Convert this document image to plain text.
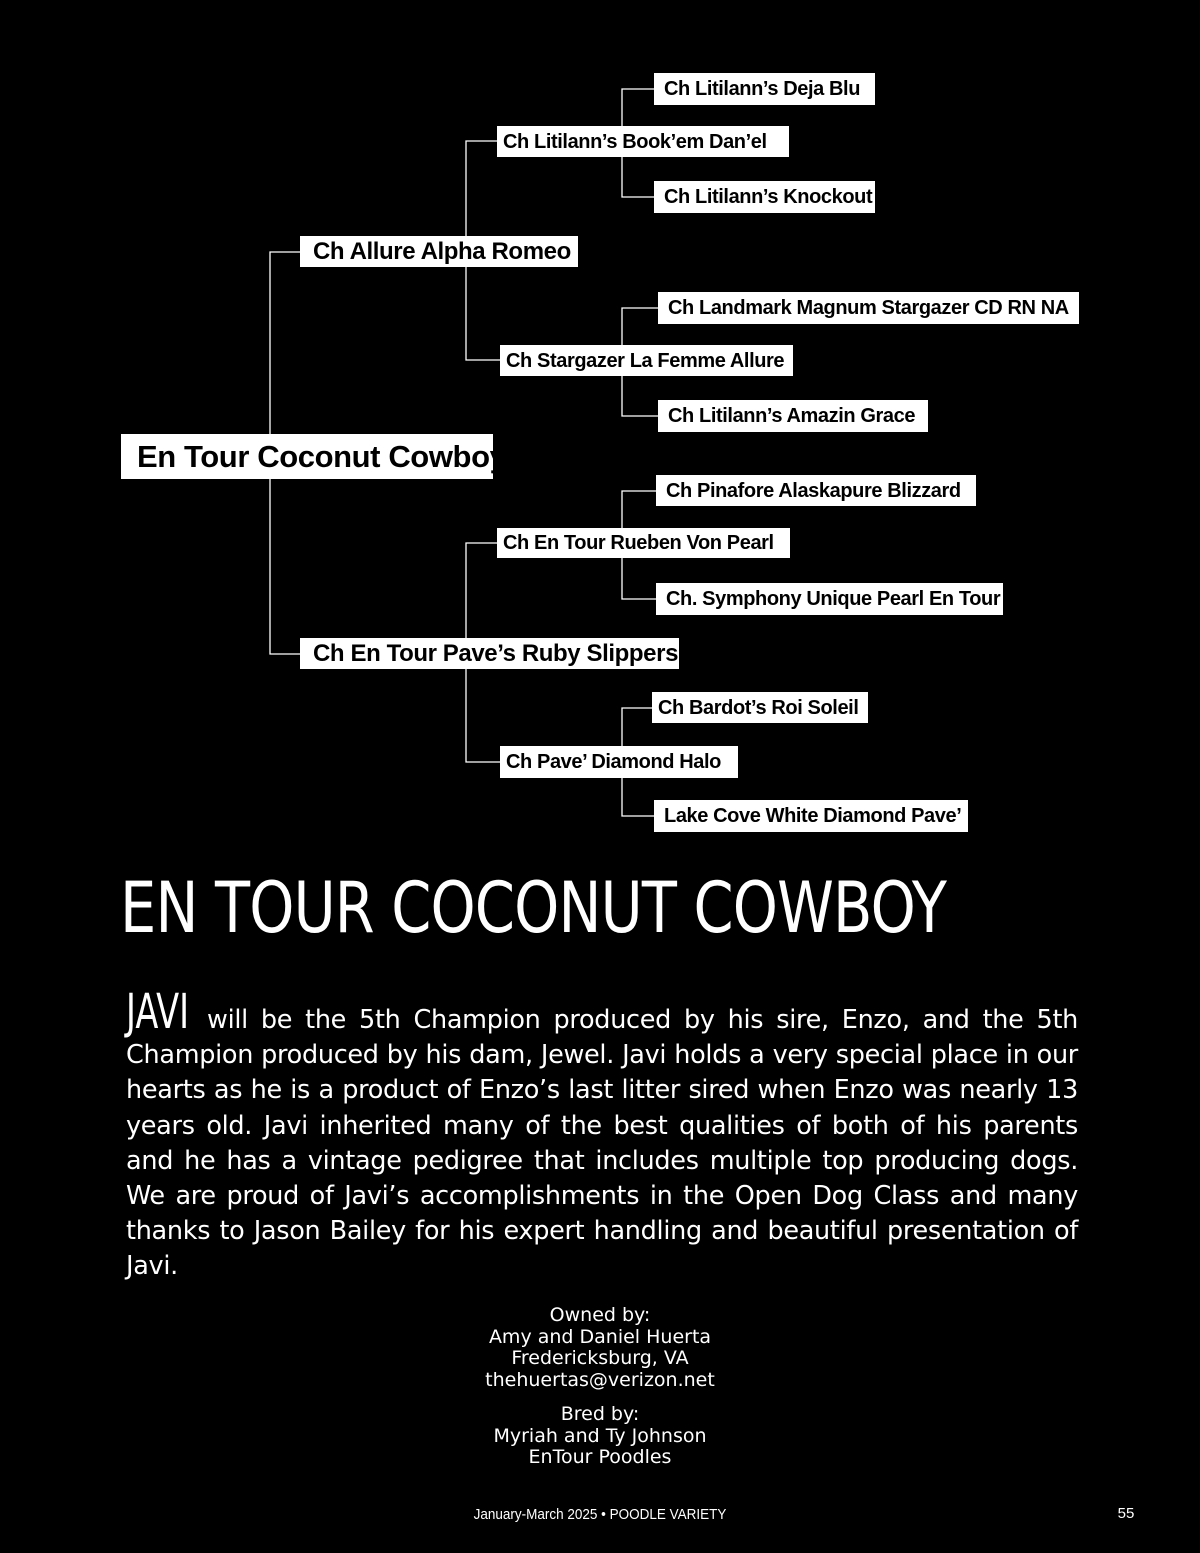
En Tour Coconut Cowboy
Ch Allure Alpha Romeo
Ch En Tour Pave’s Ruby Slippers
Ch Litilann’s Book’em Dan’el
Ch Stargazer La Femme Allure
Ch En Tour Rueben Von Pearl
Ch Pave’ Diamond Halo
Ch Litilann’s Deja Blu
Ch Litilann’s Knockout
Ch Landmark Magnum Stargazer CD RN NA
Ch Litilann’s Amazin Grace
Ch Pinafore Alaskapure Blizzard
Ch. Symphony Unique Pearl En Tour
Ch Bardot’s Roi Soleil
Lake Cove White Diamond Pave’
EN TOUR COCONUT COWBOY
JAVI will be the 5th Champion produced by his sire, Enzo, and the 5th Champion produced by his dam, Jewel. Javi holds a very special place in our hearts as he is a product of Enzo’s last litter sired when Enzo was nearly 13 years old. Javi inherited many of the best qualities of both of his parents and he has a vintage pedigree that includes multiple top producing dogs. We are proud of Javi’s accomplishments in the Open Dog Class and many thanks to Jason Bailey for his expert handling and beautiful presentation of Javi.
Owned by:
Amy and Daniel Huerta
Fredericksburg, VA
thehuertas@verizon.net
Bred by:
Myriah and Ty Johnson
EnTour Poodles
January-March 2025 • POODLE VARIETY	55
